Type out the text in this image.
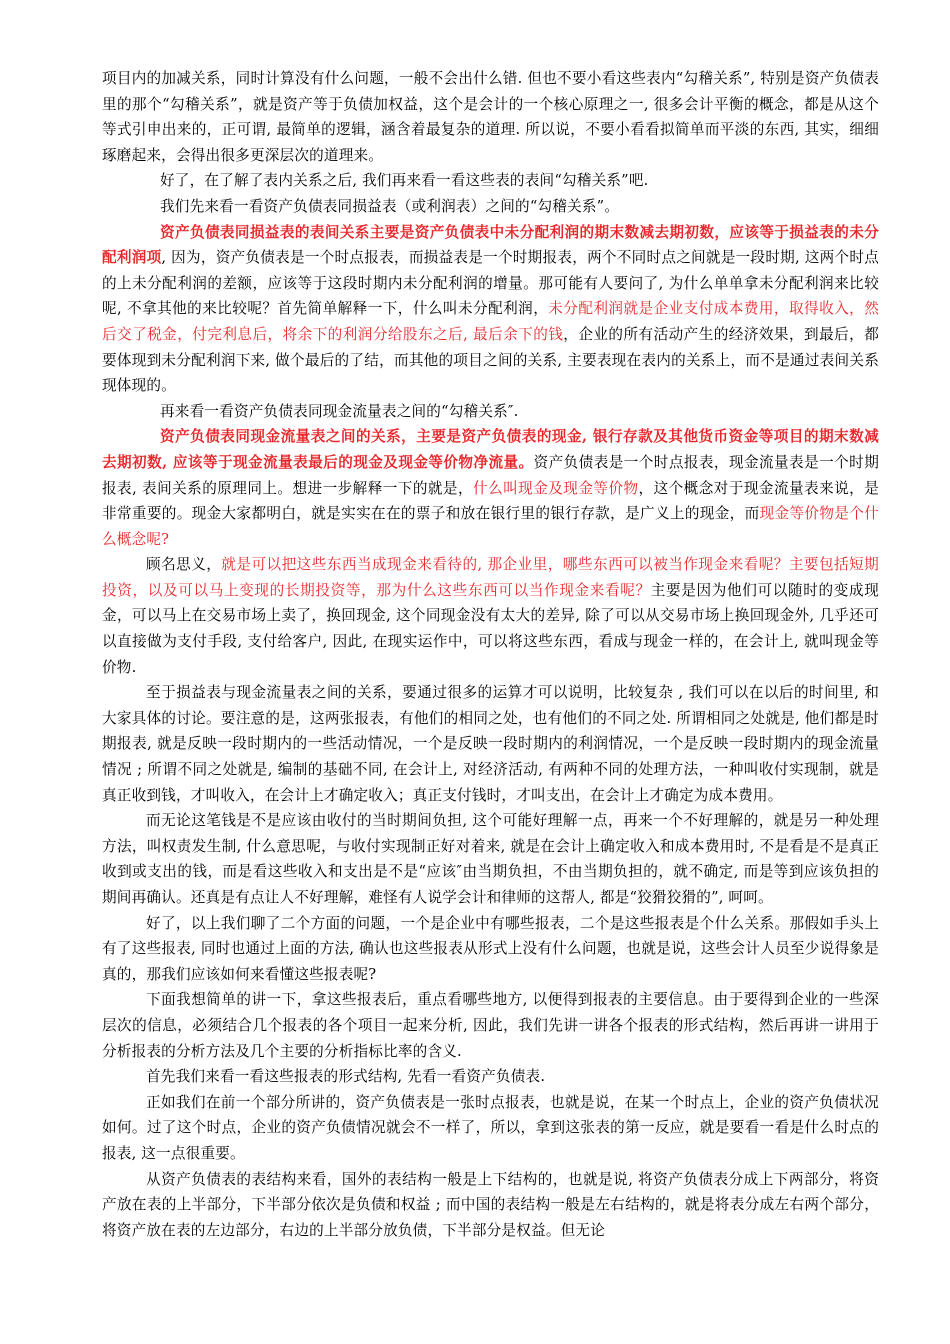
项目内的加减关系，同时计算没有什么问题，一般不会出什么错. 但也不要小看这些表内“勾稽关系”, 特别是资产负债表里的那个“勾稽关系”，就是资产等于负债加权益，这个是会计的一个核心原理之一, 很多会计平衡的概念，都是从这个等式引申出来的，正可谓, 最简单的逻辑，涵含着最复杂的道理. 所以说，不要小看看拟简单而平淡的东西, 其实，细细琢磨起来，会得出很多更深层次的道理来。

好了，在了解了表内关系之后, 我们再来看一看这些表的表间“勾稽关系”吧.

我们先来看一看资产负债表同损益表（或利润表）之间的“勾稽关系”。

资产负债表同损益表的表间关系主要是资产负债表中未分配利润的期末数减去期初数，应该等于损益表的未分配利润项, 因为，资产负债表是一个时点报表，而损益表是一个时期报表，两个不同时点之间就是一段时期, 这两个时点的上未分配利润的差额，应该等于这段时期内未分配利润的增量。那可能有人要问了, 为什么单单拿未分配利润来比较呢, 不拿其他的来比较呢？首先简单解释一下，什么叫未分配利润，未分配利润就是企业支付成本费用，取得收入，然后交了税金，付完利息后，将余下的利润分给股东之后, 最后余下的钱，企业的所有活动产生的经济效果，到最后，都要体现到未分配利润下来, 做个最后的了结，而其他的项目之间的关系, 主要表现在表内的关系上，而不是通过表间关系现体现的。

再来看一看资产负债表同现金流量表之间的“勾稽关系″.

资产负债表同现金流量表之间的关系，主要是资产负债表的现金, 银行存款及其他货币资金等项目的期末数减去期初数, 应该等于现金流量表最后的现金及现金等价物净流量。资产负债表是一个时点报表，现金流量表是一个时期报表, 表间关系的原理同上。想进一步解释一下的就是，什么叫现金及现金等价物，这个概念对于现金流量表来说，是非常重要的。现金大家都明白，就是实实在在的票子和放在银行里的银行存款，是广义上的现金，而现金等价物是个什么概念呢?

顾名思义，就是可以把这些东西当成现金来看待的, 那企业里，哪些东西可以被当作现金来看呢？主要包括短期投资，以及可以马上变现的长期投资等，那为什么这些东西可以当作现金来看呢？主要是因为他们可以随时的变成现金，可以马上在交易市场上卖了，换回现金, 这个同现金没有太大的差异, 除了可以从交易市场上换回现金外, 几乎还可以直接做为支付手段, 支付给客户, 因此, 在现实运作中，可以将这些东西，看成与现金一样的，在会计上, 就叫现金等价物.

至于损益表与现金流量表之间的关系，要通过很多的运算才可以说明，比较复杂 , 我们可以在以后的时间里, 和大家具体的讨论。要注意的是，这两张报表，有他们的相同之处，也有他们的不同之处. 所谓相同之处就是, 他们都是时期报表, 就是反映一段时期内的一些活动情况，一个是反映一段时期内的利润情况，一个是反映一段时期内的现金流量情况 ; 所谓不同之处就是, 编制的基础不同, 在会计上, 对经济活动, 有两种不同的处理方法，一种叫收付实现制，就是真正收到钱，才叫收入，在会计上才确定收入；真正支付钱时，才叫支出，在会计上才确定为成本费用。

而无论这笔钱是不是应该由收付的当时期间负担, 这个可能好理解一点，再来一个不好理解的，就是另一种处理方法，叫权责发生制, 什么意思呢，与收付实现制正好对着来, 就是在会计上确定收入和成本费用时, 不是看是不是真正收到或支出的钱，而是看这些收入和支出是不是“应该″由当期负担，不由当期负担的，就不确定, 而是等到应该负担的期间再确认。还真是有点让人不好理解，难怪有人说学会计和律师的这帮人, 都是“狡猾狡猾的”, 呵呵。

好了，以上我们聊了二个方面的问题，一个是企业中有哪些报表，二个是这些报表是个什么关系。那假如手头上有了这些报表, 同时也通过上面的方法, 确认也这些报表从形式上没有什么问题，也就是说，这些会计人员至少说得象是真的，那我们应该如何来看懂这些报表呢?

下面我想简单的讲一下，拿这些报表后，重点看哪些地方, 以便得到报表的主要信息。由于要得到企业的一些深层次的信息，必须结合几个报表的各个项目一起来分析, 因此，我们先讲一讲各个报表的形式结构，然后再讲一讲用于分析报表的分析方法及几个主要的分析指标比率的含义.

首先我们来看一看这些报表的形式结构, 先看一看资产负债表.

正如我们在前一个部分所讲的，资产负债表是一张时点报表，也就是说，在某一个时点上，企业的资产负债状况如何。过了这个时点，企业的资产负债情况就会不一样了，所以，拿到这张表的第一反应，就是要看一看是什么时点的报表, 这一点很重要。

从资产负债表的表结构来看，国外的表结构一般是上下结构的，也就是说, 将资产负债表分成上下两部分，将资产放在表的上半部分，下半部分依次是负债和权益 ; 而中国的表结构一般是左右结构的，就是将表分成左右两个部分，将资产放在表的左边部分，右边的上半部分放负债，下半部分是权益。但无论
